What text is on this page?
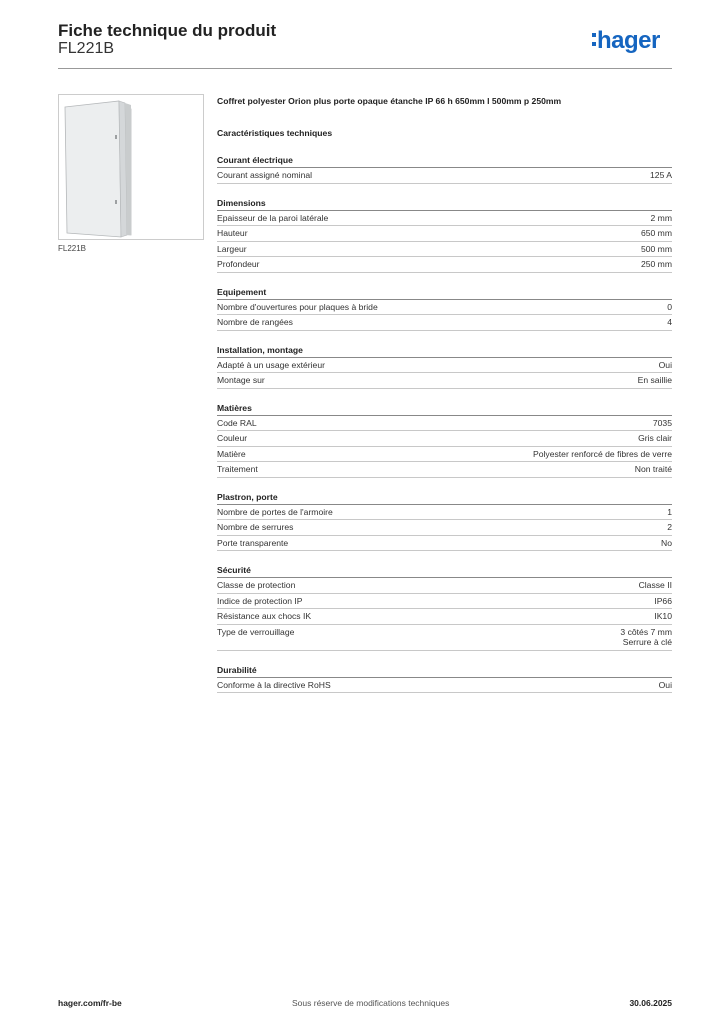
Fiche technique du produit
FL221B	hager
FL221B
Coffret polyester Orion plus porte opaque étanche IP 66 h 650mm l 500mm p 250mm
Caractéristiques techniques
Courant électrique
Courant assigné nominal	125 A
Dimensions
Epaisseur de la paroi latérale	2 mm
Hauteur	650 mm
Largeur	500 mm
Profondeur	250 mm
Equipement
Nombre d'ouvertures pour plaques à bride	0
Nombre de rangées	4
Installation, montage
Adapté à un usage extérieur	Oui
Montage sur	En saillie
Matières
Code RAL	7035
Couleur	Gris clair
Matière	Polyester renforcé de fibres de verre
Traitement	Non traité
Plastron, porte
Nombre de portes de l'armoire	1
Nombre de serrures	2
Porte transparente	No
Sécurité
Classe de protection	Classe II
Indice de protection IP	IP66
Résistance aux chocs IK	IK10
Type de verrouillage	3 côtés 7 mm
Serrure à clé
Durabilité
Conforme à la directive RoHS	Oui
hager.com/fr-be	Sous réserve de modifications techniques	30.06.2025
